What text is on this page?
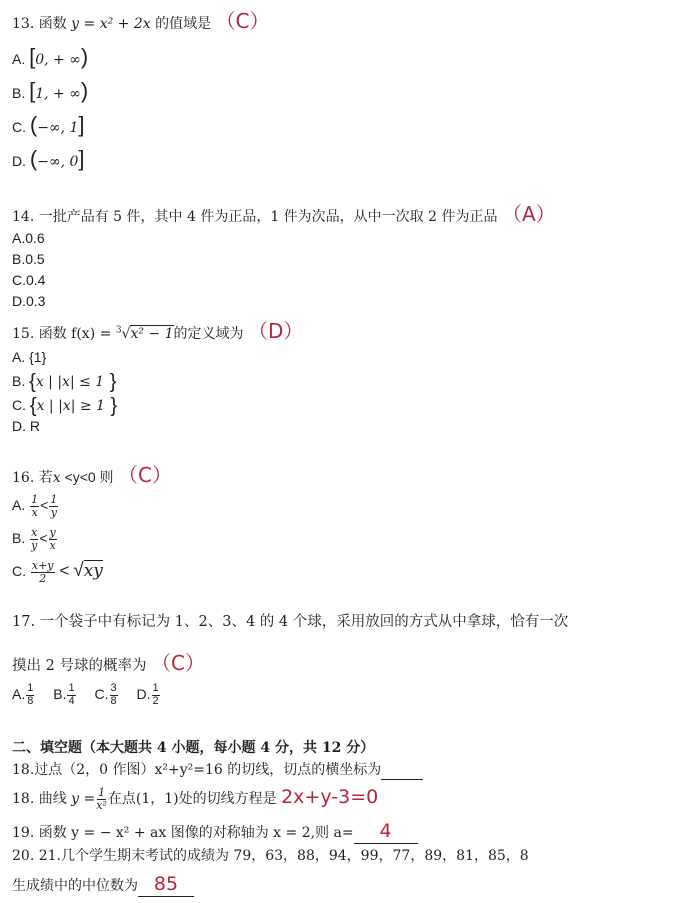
13. 函数 y = x² + 2x 的值域是 （C）
A. [0, + ∞)
B. [1, + ∞)
C. (−∞, 1]
D. (−∞, 0]
14. 一批产品有 5 件，其中 4 件为正品，1 件为次品，从中一次取 2 件为正品 （A）
A.0.6
B.0.5
C.0.4
D.0.3
15. 函数 f(x) = $^3$√x² − 1的定义域为 （D）
A. {1}
B. {x | |x| ≤ 1 }
C. {x | |x| ≥ 1 }
D. R
16. 若x <y<0 则 （C）
A. $\frac{1}{x} < \frac{1}{y}$
B. $\frac{x}{y} < \frac{y}{x}$
C. $\frac{x+y}{2} < √xy$
17. 一个袋子中有标记为 1、2、3、4 的 4 个球，采用放回的方式从中拿球，恰有一次
摸出 2 号球的概率为 （C）
A. $\frac{1}{8} B$. $\frac{1}{4} C$. $\frac{3}{8} D$. $\frac{1}{2}$
二、填空题（本大题共 4 小题，每小题 4 分，共 12 分）
18.过点（2，0 作图）x²+y²=16 的切线，切点的横坐标为
18. 曲线 $y = \frac{1}{\text{x²}}$ 在点(1，1)处的切线方程是 2x+y-3=0
19. 函数 y = − x² + ax 图像的对称轴为 x = 2,则 a= 4
20. 21.几个学生期末考试的成绩为 79，63，88，94，99，77，89，81，85，8
生成绩中的中位数为 85
